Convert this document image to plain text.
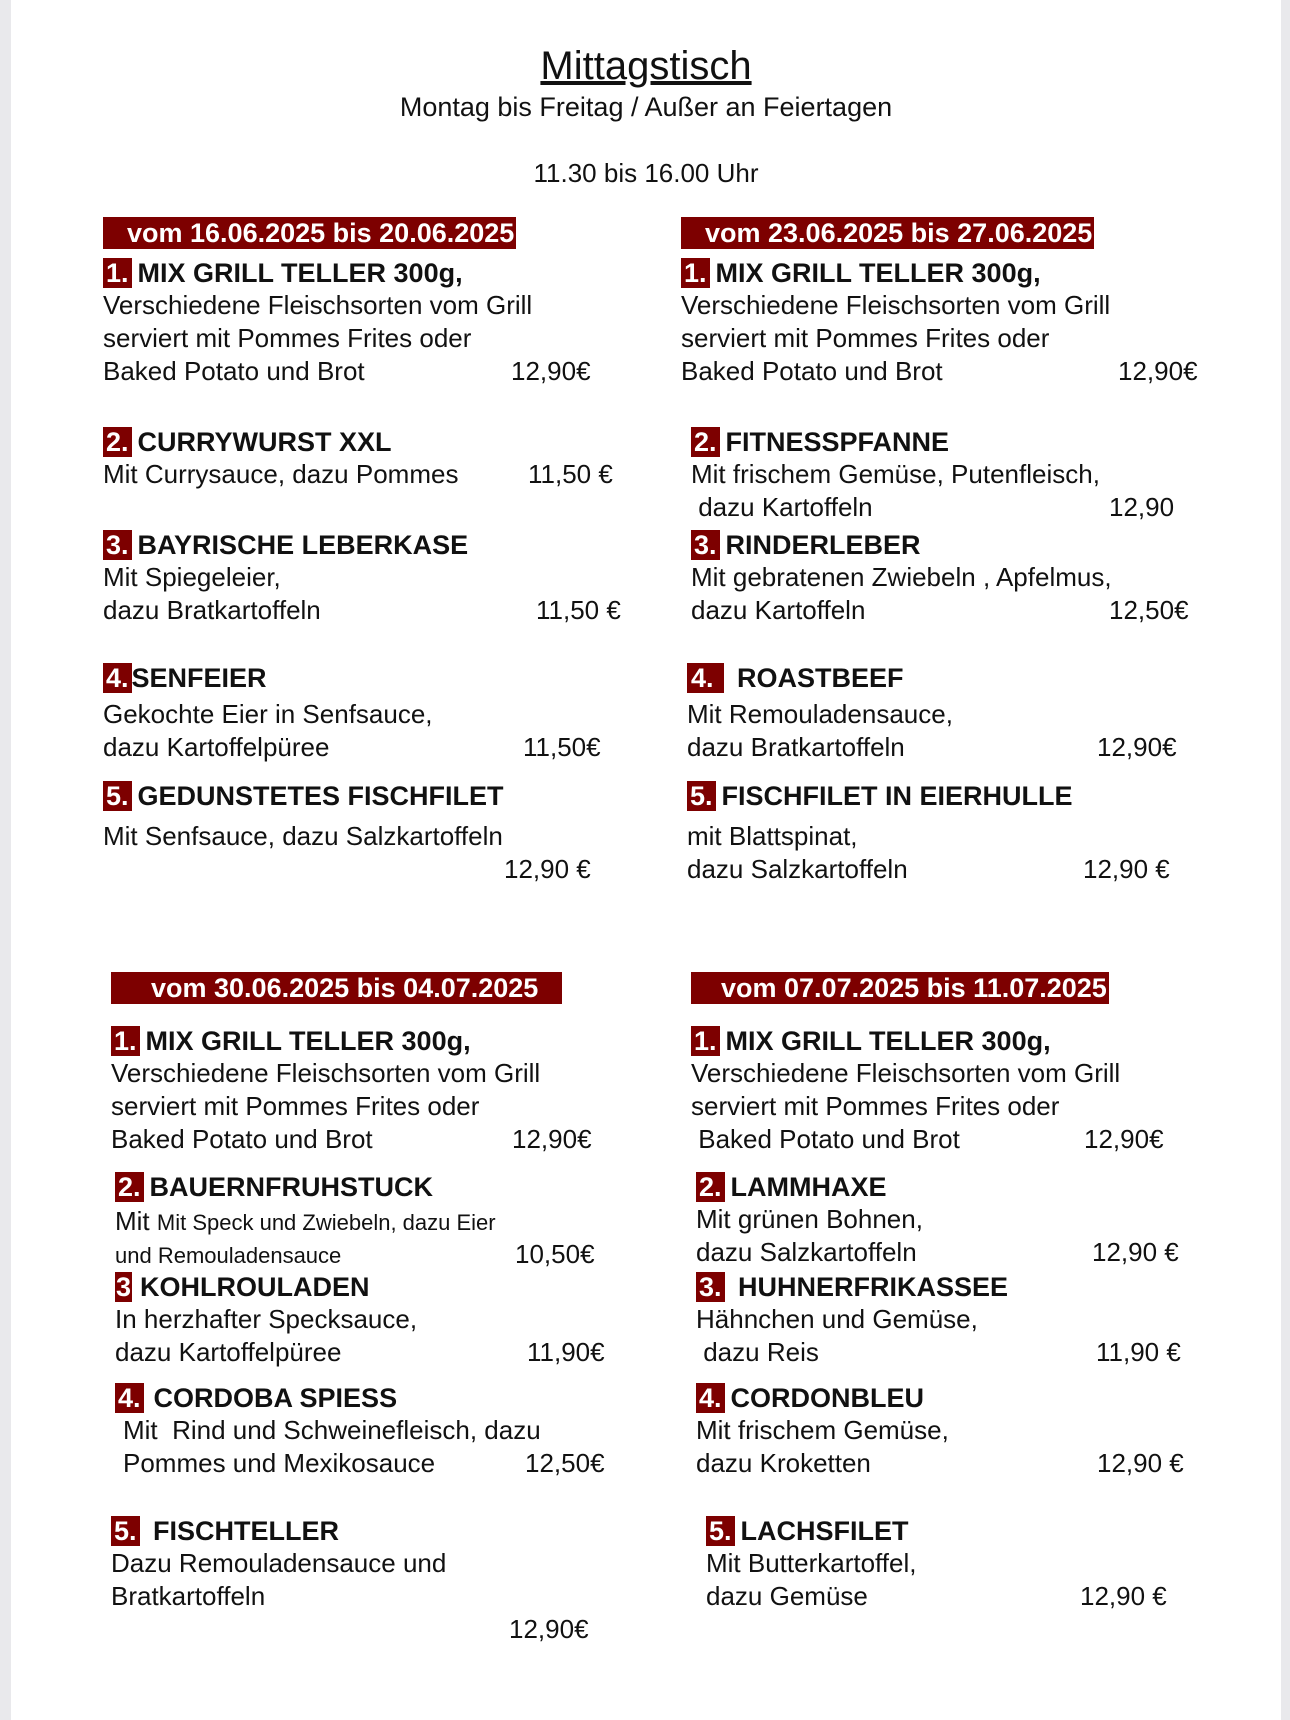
Mittagstisch
Montag bis Freitag / Außer an Feiertagen
11.30 bis 16.00 Uhr
vom 16.06.2025 bis 20.06.2025
1. MIX GRILL TELLER 300g,
Verschiedene Fleischsorten vom Grill
serviert mit Pommes Frites oder
Baked Potato und Brot	12,90€
2. CURRYWURST XXL
Mit Currysauce, dazu Pommes	11,50 €
3. BAYRISCHE LEBERKASE
Mit Spiegeleier,
dazu Bratkartoffeln	11,50 €
4. SENFEIER
Gekochte Eier in Senfsauce,
dazu Kartoffelpüree	11,50€
5. GEDUNSTETES FISCHFILET
Mit Senfsauce, dazu Salzkartoffeln
12,90 €
vom 23.06.2025 bis 27.06.2025
1. MIX GRILL TELLER 300g,
Verschiedene Fleischsorten vom Grill
serviert mit Pommes Frites oder
Baked Potato und Brot	12,90€
2. FITNESSPFANNE
Mit frischem Gemüse, Putenfleisch,
dazu Kartoffeln	12,90
3. RINDERLEBER
Mit gebratenen Zwiebeln , Apfelmus,
dazu Kartoffeln	12,50€
4. ROASTBEEF
Mit Remouladensauce,
dazu Bratkartoffeln	12,90€
5. FISCHFILET IN EIERHULLE
mit Blattspinat,
dazu Salzkartoffeln	12,90 €
vom 30.06.2025 bis 04.07.2025
1. MIX GRILL TELLER 300g,
Verschiedene Fleischsorten vom Grill
serviert mit Pommes Frites oder
Baked Potato und Brot	12,90€
2. BAUERNFRUHSTUCK
Mit Mit Speck und Zwiebeln, dazu Eier
und Remouladensauce	10,50€
3 KOHLROULADEN
In herzhafter Specksauce,
dazu Kartoffelpüree	11,90€
4. CORDOBA SPIESS
Mit  Rind und Schweinefleisch, dazu
Pommes und Mexikosauce	12,50€
5. FISCHTELLER
Dazu Remouladensauce und
Bratkartoffeln
12,90€
vom 07.07.2025 bis 11.07.2025
1. MIX GRILL TELLER 300g,
Verschiedene Fleischsorten vom Grill
serviert mit Pommes Frites oder
Baked Potato und Brot	12,90€
2. LAMMHAXE
Mit grünen Bohnen,
dazu Salzkartoffeln	12,90 €
3. HUHNERFRIKASSEE
Hähnchen und Gemüse,
dazu Reis	11,90 €
4. CORDONBLEU
Mit frischem Gemüse,
dazu Kroketten	12,90 €
5. LACHSFILET
Mit Butterkartoffel,
dazu Gemüse	12,90 €
